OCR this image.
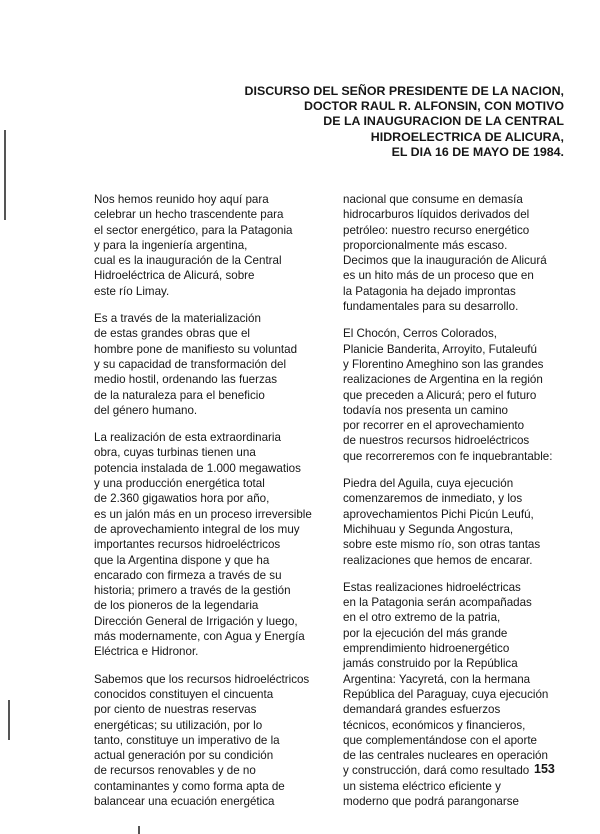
DISCURSO DEL SEÑOR PRESIDENTE DE LA NACION,
DOCTOR RAUL R. ALFONSIN, CON MOTIVO
DE LA INAUGURACION DE LA CENTRAL
HIDROELECTRICA DE ALICURA,
EL DIA 16 DE MAYO DE 1984.
Nos hemos reunido hoy aquí para
celebrar un hecho trascendente para
el sector energético, para la Patagonia
y para la ingeniería argentina,
cual es la inauguración de la Central
Hidroeléctrica de Alicurá, sobre
este río Limay.
Es a través de la materialización
de estas grandes obras que el
hombre pone de manifiesto su voluntad
y su capacidad de transformación del
medio hostil, ordenando las fuerzas
de la naturaleza para el beneficio
del género humano.
La realización de esta extraordinaria
obra, cuyas turbinas tienen una
potencia instalada de 1.000 megawatios
y una producción energética total
de 2.360 gigawatios hora por año,
es un jalón más en un proceso irreversible
de aprovechamiento integral de los muy
importantes recursos hidroeléctricos
que la Argentina dispone y que ha
encarado con firmeza a través de su
historia; primero a través de la gestión
de los pioneros de la legendaria
Dirección General de Irrigación y luego,
más modernamente, con Agua y Energía
Eléctrica e Hidronor.
Sabemos que los recursos hidroeléctricos
conocidos constituyen el cincuenta
por ciento de nuestras reservas
energéticas; su utilización, por lo
tanto, constituye un imperativo de la
actual generación por su condición
de recursos renovables y de no
contaminantes y como forma apta de
balancear una ecuación energética
nacional que consume en demasía
hidrocarburos líquidos derivados del
petróleo: nuestro recurso energético
proporcionalmente más escaso.
Decimos que la inauguración de Alicurá
es un hito más de un proceso que en
la Patagonia ha dejado improntas
fundamentales para su desarrollo.
El Chocón, Cerros Colorados,
Planicie Banderita, Arroyito, Futaleufú
y Florentino Ameghino son las grandes
realizaciones de Argentina en la región
que preceden a Alicurá; pero el futuro
todavía nos presenta un camino
por recorrer en el aprovechamiento
de nuestros recursos hidroeléctricos
que recorreremos con fe inquebrantable:
Piedra del Aguila, cuya ejecución
comenzaremos de inmediato, y los
aprovechamientos Pichi Picún Leufú,
Michihuau y Segunda Angostura,
sobre este mismo río, son otras tantas
realizaciones que hemos de encarar.
Estas realizaciones hidroeléctricas
en la Patagonia serán acompañadas
en el otro extremo de la patria,
por la ejecución del más grande
emprendimiento hidroenergético
jamás construido por la República
Argentina: Yacyretá, con la hermana
República del Paraguay, cuya ejecución
demandará grandes esfuerzos
técnicos, económicos y financieros,
que complementándose con el aporte
de las centrales nucleares en operación
y construcción, dará como resultado
un sistema eléctrico eficiente y
moderno que podrá parangonarse
153
